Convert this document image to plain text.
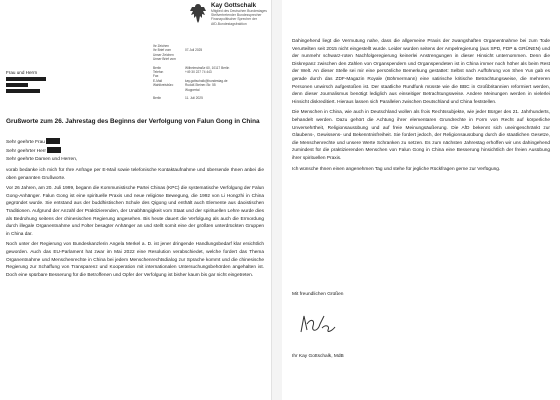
Kay Gottschalk
Mitglied des Deutschen Bundestages
Stellvertretender Bundessprecher
Finanzpolitischer Sprecher der
AfD-Bundestagsfraktion
Ihr Zeichen
Ihr Brief vom	07.Juli 2025
Unser Zeichen
Unser Brief vom
Berlin	Wilhelmstraße 60, 10117 Berlin
Telefon	+49 30 227 74 443
Fax
E-Mail	kay.gottschalk@bundestag.de
Wahlkreisbüro	Rudolf-Steiner-Str. 55
Wuppertal
Berlin	11. Juli 2025
Frau und Herrn
Grußworte zum 26. Jahrestag des Beginns der Verfolgung von Falun Gong in China
Sehr geehrte Frau
Sehr geehrter Herr
Sehr geehrte Damen und Herren,

vorab bedanke ich mich für Ihre Anfrage per E-Mail sowie telefonische Kontaktaufnahme und übersende Ihnen anbei die oben genannten Grußworte.

Vor 26 Jahren, am 20. Juli 1999, begann die Kommunistische Partei Chinas (KPC) die systematische Verfolgung der Falun Gong-Anhänger. Falun Gong ist eine spirituelle Praxis und neue religiöse Bewegung, die 1992 von Li Hongzhi in China gegründet wurde. Sie entstand aus der buddhistischen Schule des Qigong und enthält auch Elemente aus daoistischen Traditionen. Aufgrund der Anzahl der Praktizierenden, der Unabhängigkeit vom Staat und der spirituellen Lehre wurde dies als Bedrohung seitens der chinesischen Regierung angesehen. Bis heute dauert die Verfolgung als auch die Ermordung durch illegale Organentnahme und Folter besagter Anhänger an und stellt somit eine der größten unterdrückten Gruppen in China dar.

Noch unter der Regierung von Bundeskanzlerin Angela Merkel a. D. ist jener dringende Handlungsbedarf klar ersichtlich geworden. Auch das EU-Parlament hat zwar im Mai 2022 eine Resolution verabschiedet, welche fordert das Thema Organentnahme und Menschenrechte in China bei jedem Menschenrechtsdialog zur Sprache kommt und die chinesische Regierung zur Schaffung von Transparenz und Kooperation mit internationalen Untersuchungsbehörden angehalten ist. Doch eine spürbare Besserung für die Betroffenen und Opfer der Verfolgung ist bisher kaum bis gar nicht eingetreten.

Dahingehend liegt die Vermutung nahe, dass die allgemeine Praxis der zwangshaften Organentnahme bei zum Tode Verurteilten seit 2015 nicht eingestellt wurde. Leider wurden seitens der Ampelregierung (aus SPD, FDP & GRÜNEN) und der nunmehr schwarz-roten Nachfolgeregierung keinerlei Anstrengungen in dieser Hinsicht unternommen. Denn die Diskrepanz zwischen den Zahlen von Organspendern und Organspendeten ist in China immer noch höher als beim Rest der Welt. An dieser Stelle sei mir eine persönliche Bemerkung gestattet: Selbst nach Aufführung von Shen Yun gab es gerade durch das ZDF-Magazin Royale (Böhmermann) eine satirische kritische Betrachtungsweise, die mehreren Personen unwirsch aufgestoßen ist. Der staatliche Rundfunk müsste wie die BBC in Großbritannien reformiert werden, denn dieser Journalismus benötigt lediglich aus einseitiger Betrachtungsweise. Andere Meinungen werden in vielerlei Hinsicht diskreditiert. Hieraus lassen sich Parallelen zwischen Deutschland und China feststellen.

Die Menschen in China, wie auch in Deutschland wollen als frois Rechtssubjekte, wie jeder Bürger des 21. Jahrhunderts, behandelt werden. Dazu gehört die Achtung ihrer elementaren Grundrechte in Form von Recht auf körperliche Unversehrtheit, Religionsausübung und auf freie Meinungsäußerung. Die AfD bekennt sich uneingeschränkt zur Glaubens-, Gewissens- und Bekenntnisfreiheit. Sie fordert jedoch, der Religionsausübung durch die staatlichen Gesetze, die Menschenrechte und unsere Werte Schranken zu setzen. Es zum nächsten Jahrestag erhoffen wir uns dahingehend zumindest für die praktizierenden Menschen von Falun Gong in China eine Besserung hinsichtlich der freien Ausübung ihrer spirituellen Praxis.

Ich wünsche Ihnen einen angenehmen Tag und stehe für jegliche Rückfragen gerne zur Verfügung.

Mit freundlichen Grüßen
Ihr Kay Gottschalk, MdB
